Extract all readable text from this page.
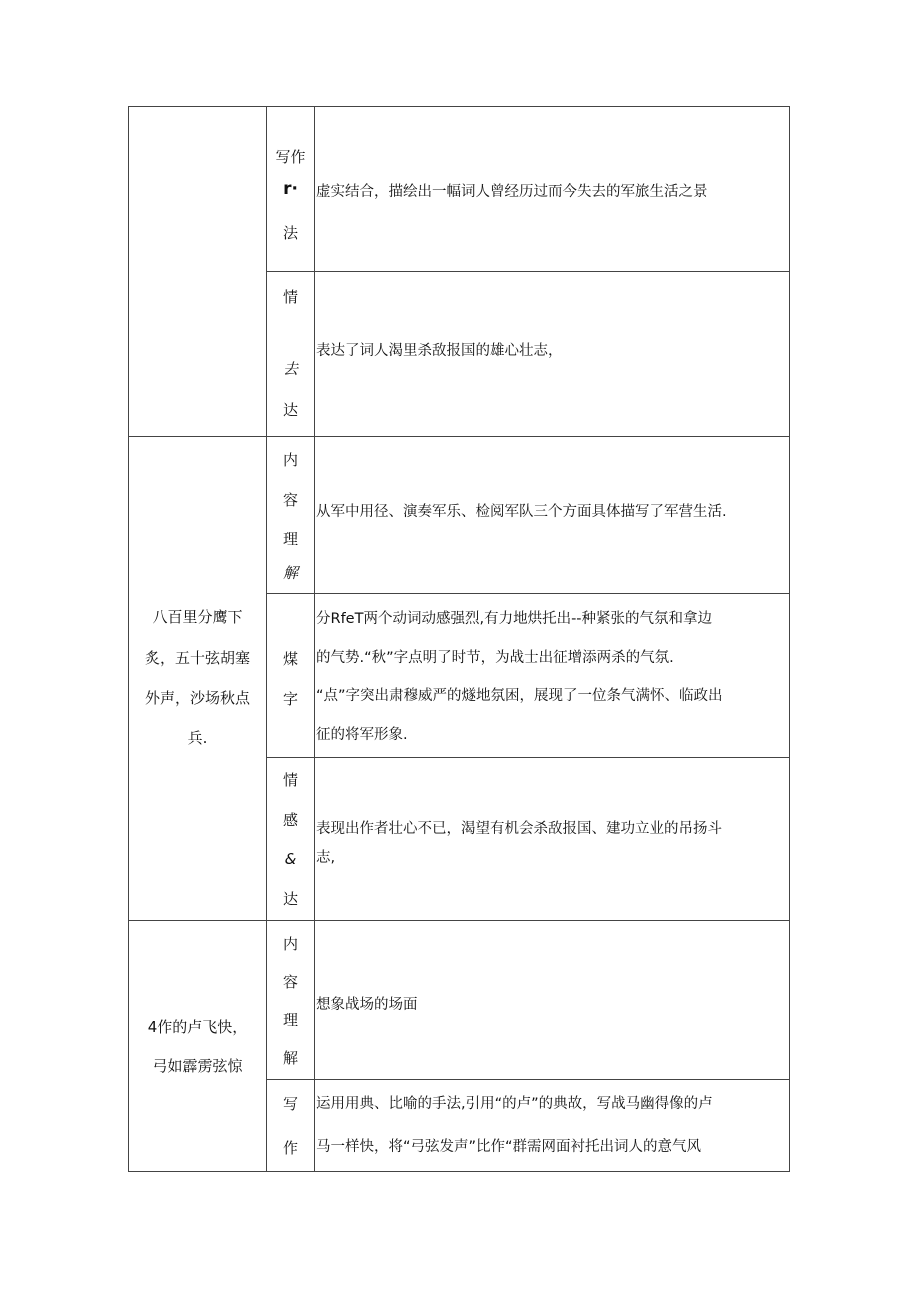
写作
r·
法
虚实结合，描绘出一幅词人曾经历过而今失去的军旅生活之景
情
去
达
表达了词人渴里杀敌报国的雄心壮志，
八百里分鹰下
炙，五十弦胡塞
外声，沙场秋点
兵.
内
容
理
解
从军中用径、演奏军乐、检阅军队三个方面具体描写了军营生活.
煤
字
分RfeT两个动词动感强烈,有力地烘托出--种紧张的气氛和拿边
的气势.“秋”字点明了时节，为战士出征增添两杀的气氛.
“点”字突出肃穆威严的燧地氛困，展现了一位条气满怀、临政出
征的将军形象.
情
感
&
达
表现出作者壮心不已，渴望有机会杀敌报国、建功立业的吊扬斗
志,
4作的卢飞快，
弓如霹雳弦惊
内
容
理
解
想象战场的场面
写
作
运用用典、比喻的手法,引用“的卢”的典故，写战马幽得像的卢
马一样快，将“弓弦发声”比作“群需网面衬托出词人的意气风
